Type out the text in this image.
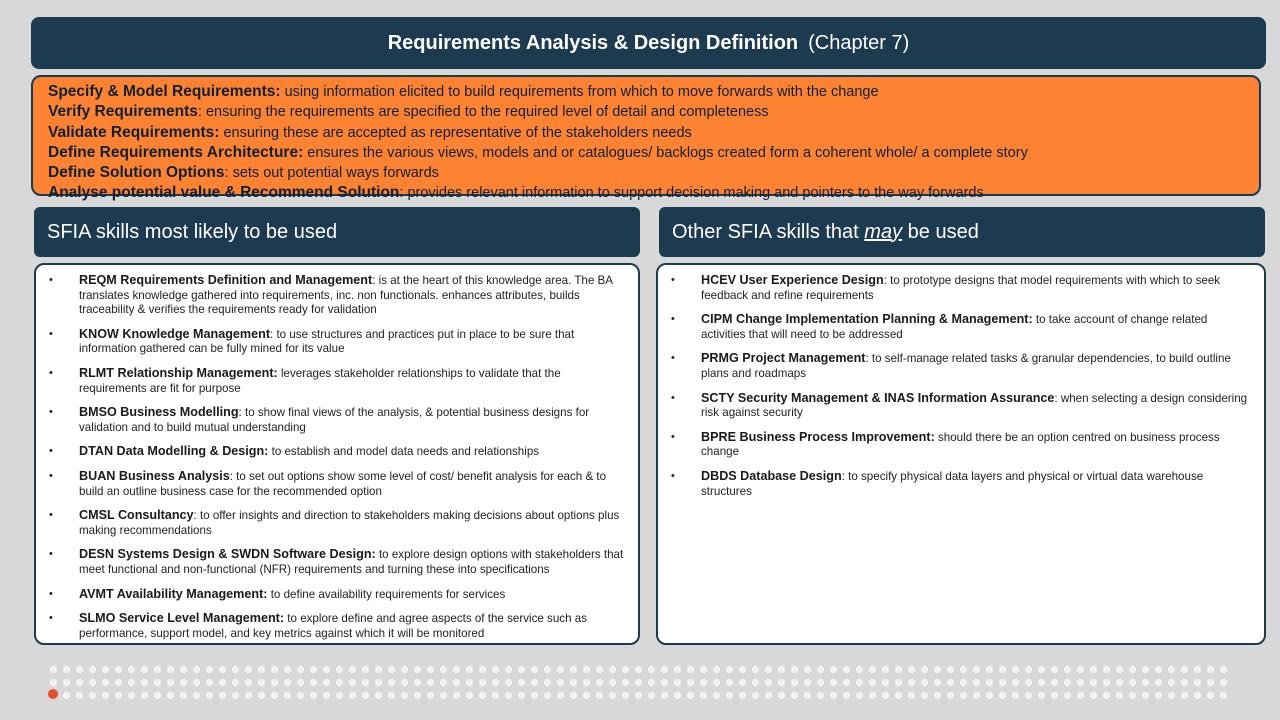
Requirements Analysis & Design Definition (Chapter 7)
Specify & Model Requirements: using information elicited to build requirements from which to move forwards with the change
Verify Requirements: ensuring the requirements are specified to the required level of detail and completeness
Validate Requirements: ensuring these are accepted as representative of the stakeholders needs
Define Requirements Architecture: ensures the various views, models and or catalogues/ backlogs created form a coherent whole/ a complete story
Define Solution Options: sets out potential ways forwards
Analyse potential value & Recommend Solution: provides relevant information to support decision making and pointers to the way forwards
SFIA skills most likely to be used	Other SFIA skills that may be used
• REQM Requirements Definition and Management: is at the heart of this knowledge area. The BA translates knowledge gathered into requirements, inc. non functionals. enhances attributes, builds traceability & verifies the requirements ready for validation
• KNOW Knowledge Management: to use structures and practices put in place to be sure that information gathered can be fully mined for its value
• RLMT Relationship Management: leverages stakeholder relationships to validate that the requirements are fit for purpose
• BMSO Business Modelling: to show final views of the analysis, & potential business designs for validation and to build mutual understanding
• DTAN Data Modelling & Design: to establish and model data needs and relationships
• BUAN Business Analysis: to set out options show some level of cost/ benefit analysis for each & to build an outline business case for the recommended option
• CMSL Consultancy: to offer insights and direction to stakeholders making decisions about options plus making recommendations
• DESN Systems Design & SWDN Software Design: to explore design options with stakeholders that meet functional and non-functional (NFR) requirements and turning these into specifications
• AVMT Availability Management: to define availability requirements for services
• SLMO Service Level Management: to explore define and agree aspects of the service such as performance, support model, and key metrics against which it will be monitored
• HCEV User Experience Design: to prototype designs that model requirements with which to seek feedback and refine requirements
• CIPM Change Implementation Planning & Management: to take account of change related activities that will need to be addressed
• PRMG Project Management: to self-manage related tasks & granular dependencies, to build outline plans and roadmaps
• SCTY Security Management & INAS Information Assurance: when selecting a design considering risk against security
• BPRE Business Process Improvement: should there be an option centred on business process change
• DBDS Database Design: to specify physical data layers and physical or virtual data warehouse structures
